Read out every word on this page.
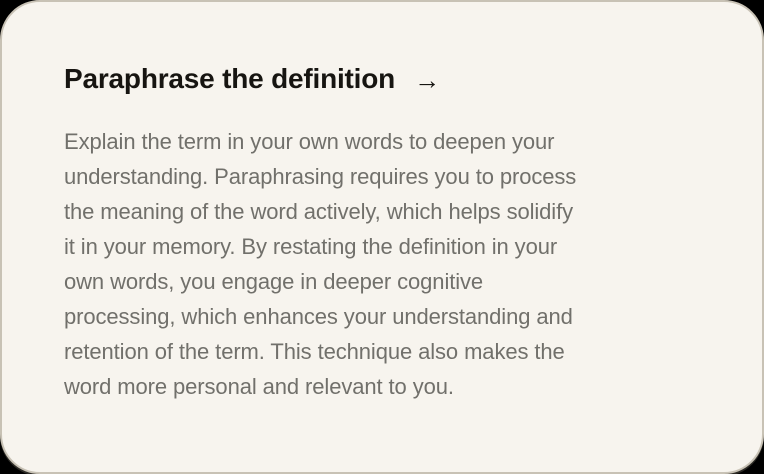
Paraphrase the definition →
Explain the term in your own words to deepen your
understanding. Paraphrasing requires you to process
the meaning of the word actively, which helps solidify
it in your memory. By restating the definition in your
own words, you engage in deeper cognitive
processing, which enhances your understanding and
retention of the term. This technique also makes the
word more personal and relevant to you.
